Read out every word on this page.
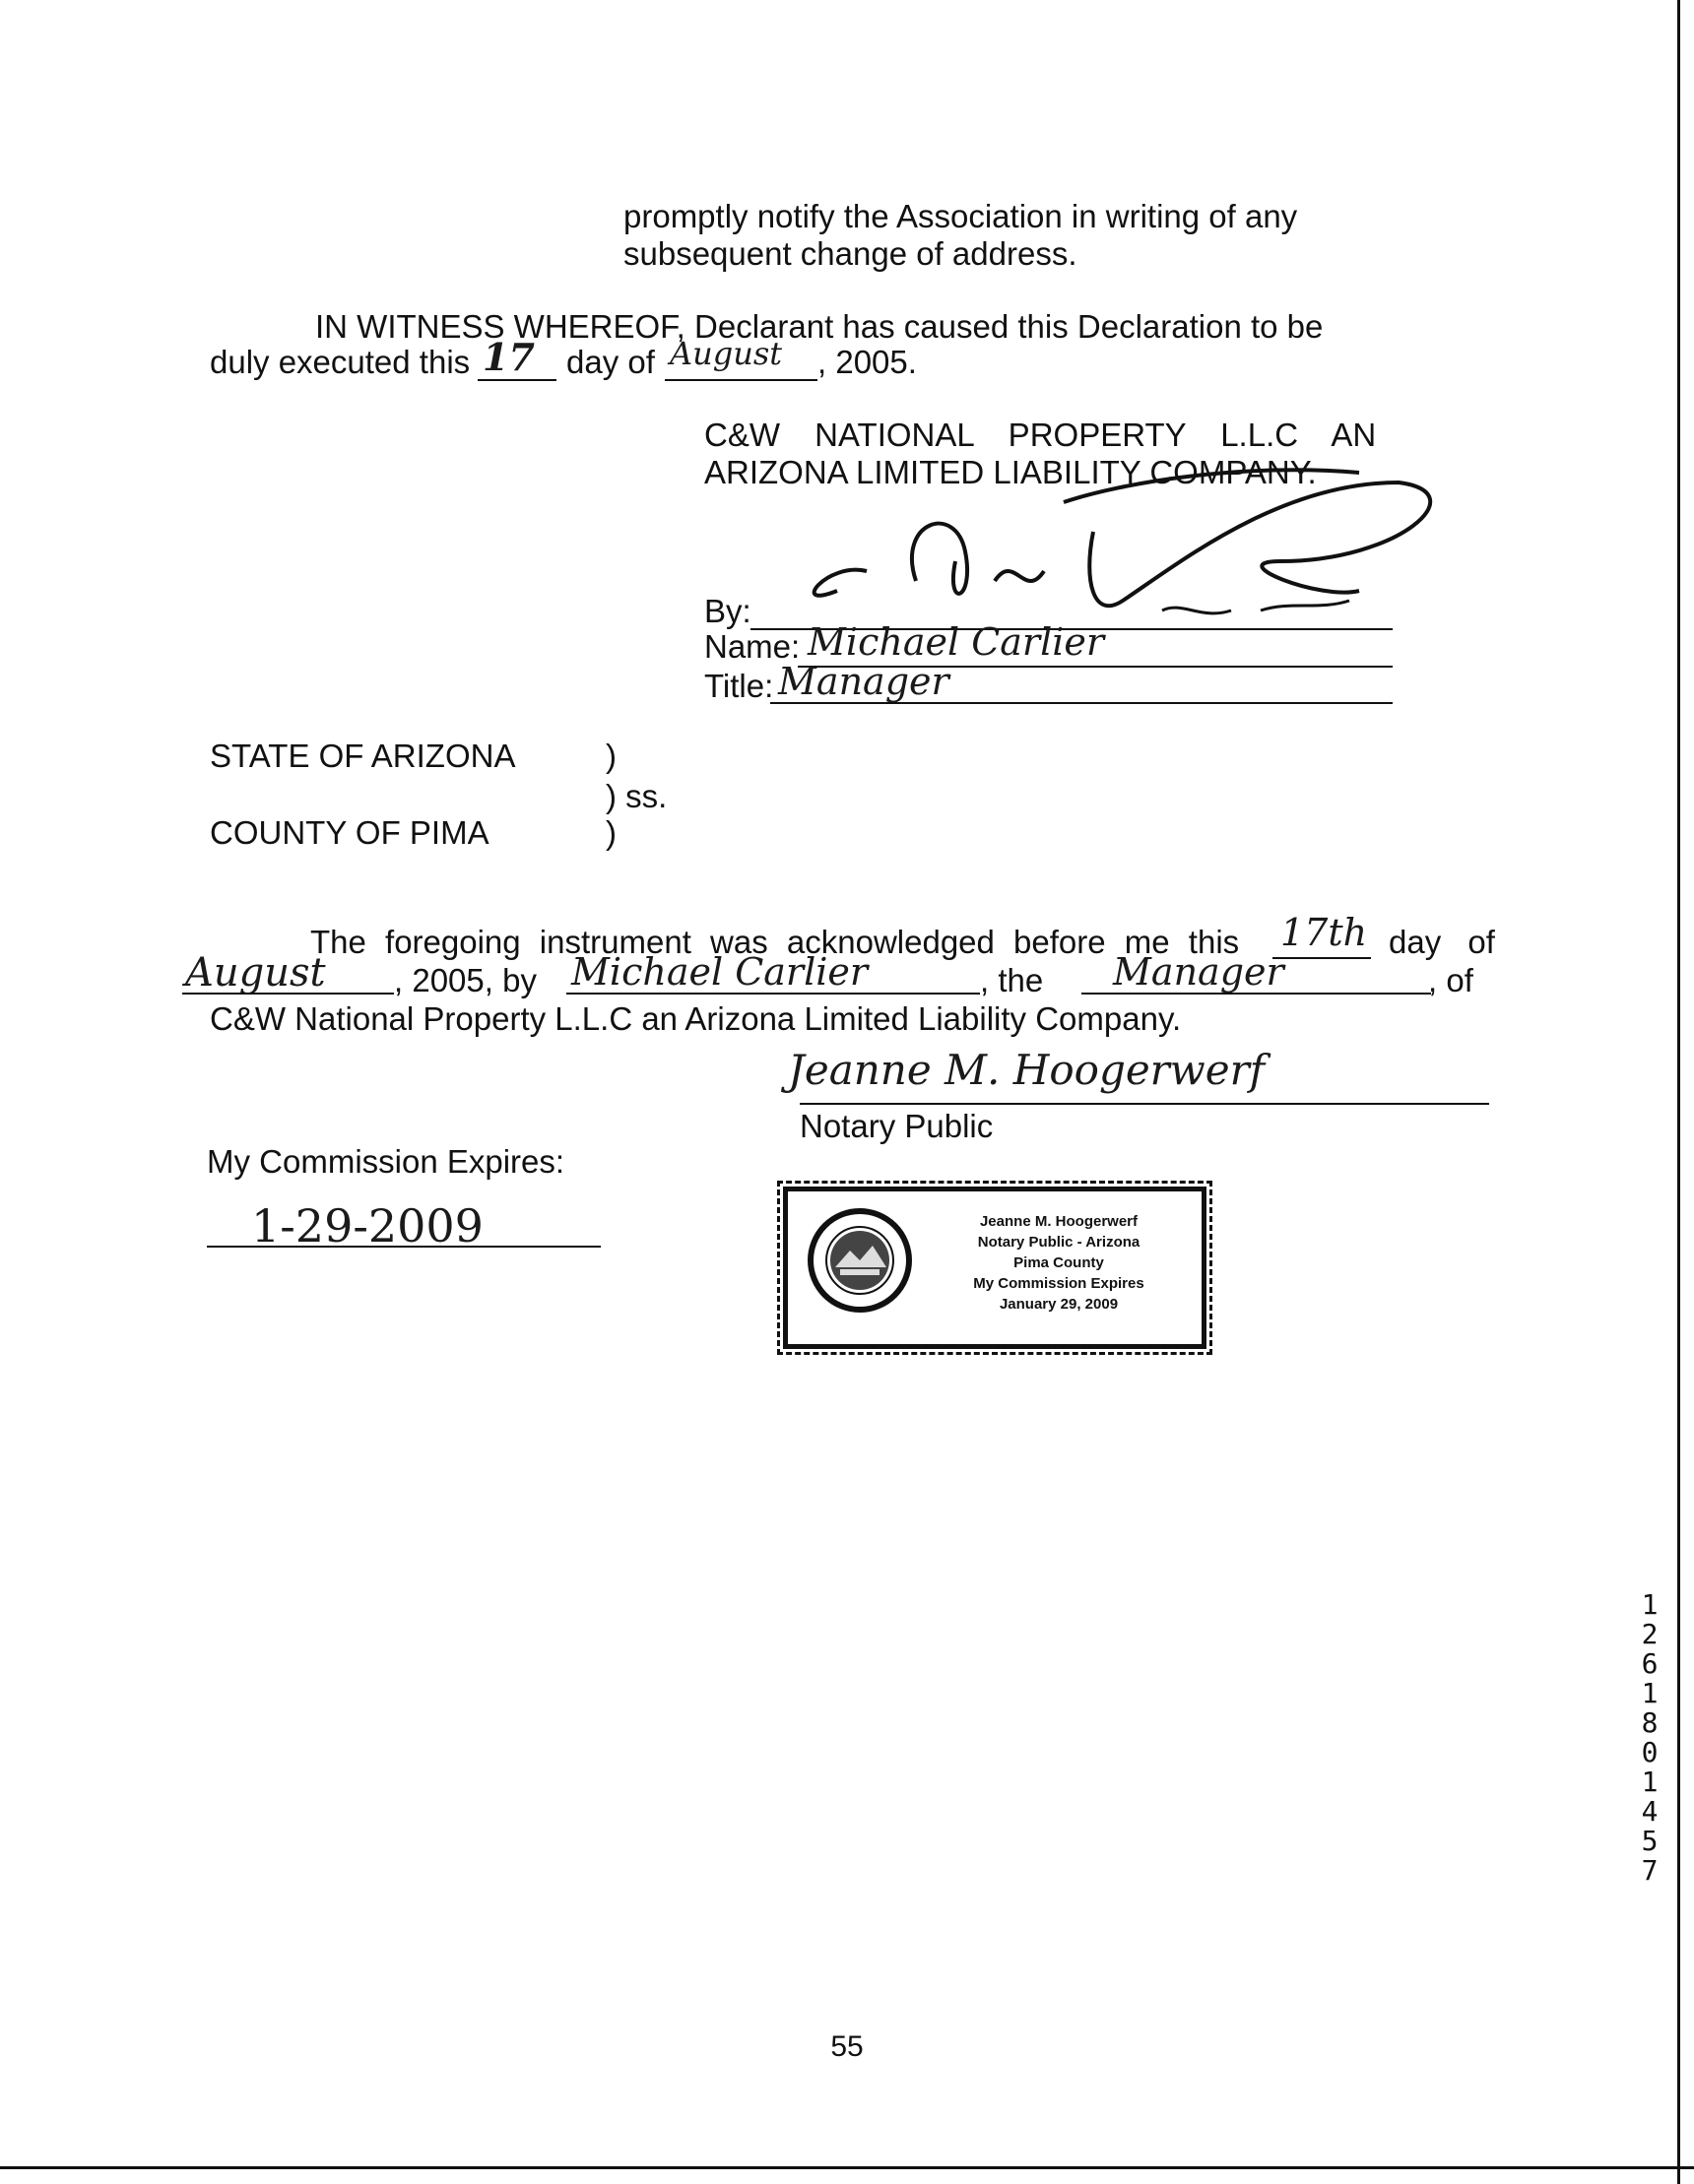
promptly notify the Association in writing of any
subsequent change of address.
IN WITNESS WHEREOF, Declarant has caused this Declaration to be
duly executed this 17 day of August , 2005.
C&W NATIONAL PROPERTY L.L.C AN
ARIZONA LIMITED LIABILITY COMPANY.
By:
Name: Michael Carlier
Title: Manager
STATE OF ARIZONA	)
) ss.
COUNTY OF PIMA	)
The foregoing instrument was acknowledged before me this 17th day of
August , 2005, by Michael Carlier	, the Manager	, of
C&W National Property L.L.C an Arizona Limited Liability Company.
Jeanne M. Hoogerwerf
Notary Public
My Commission Expires:
1-29-2009	Jeanne M. Hoogerwerf
Notary Public - Arizona
Pima County
My Commission Expires
January 29, 2009
12618 01457
55
